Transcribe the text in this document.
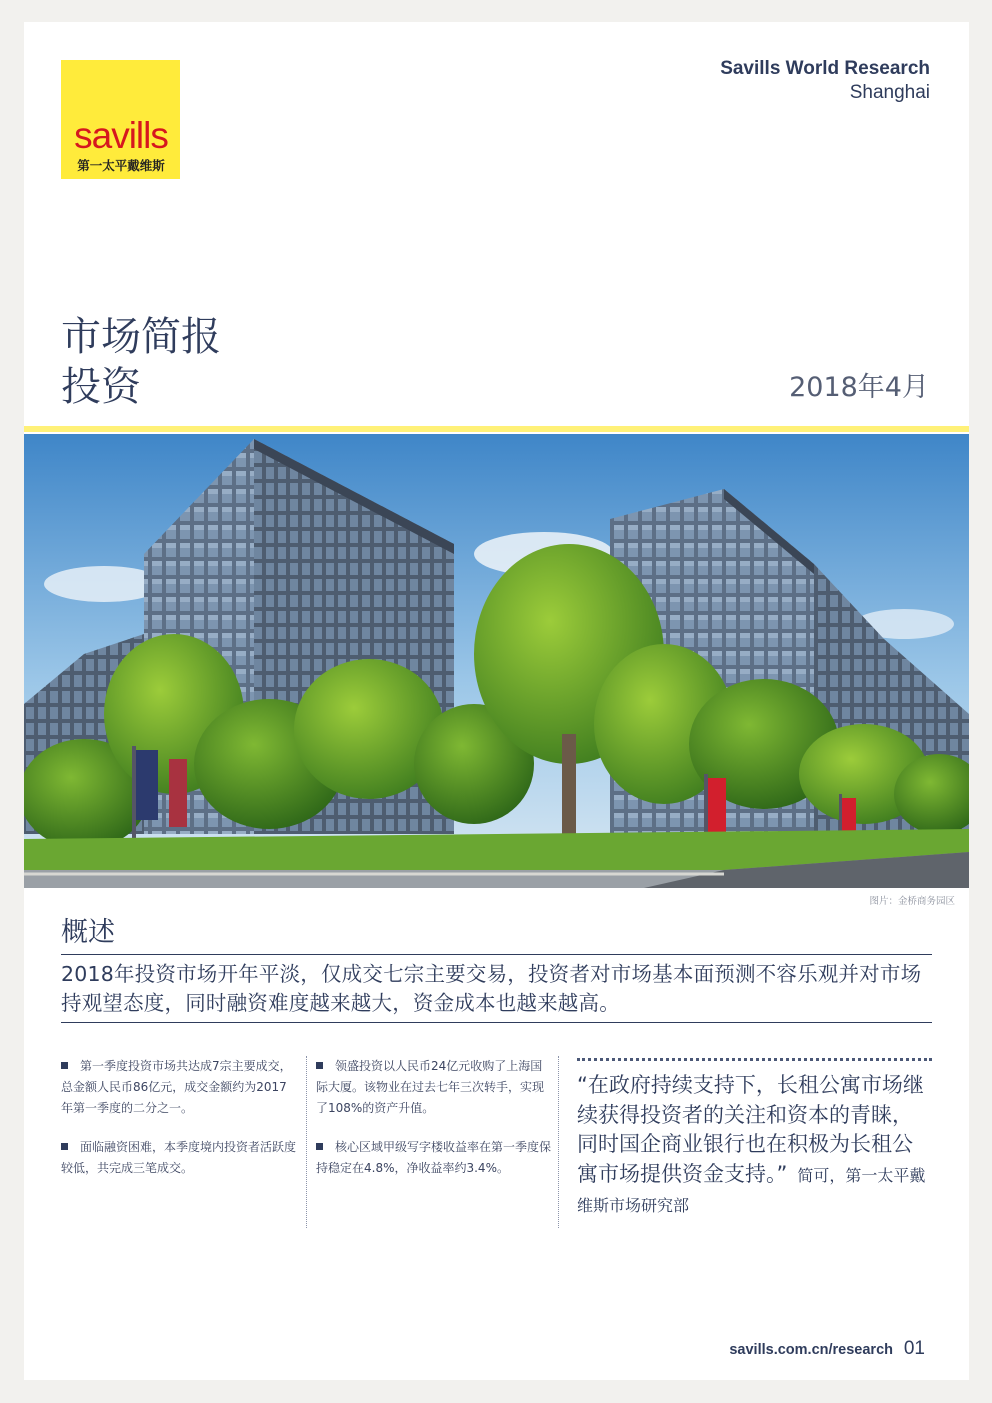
savills
第一太平戴维斯
Savills World Research
Shanghai
市场简报
投资	2018年4月
图片：金桥商务园区
概述
2018年投资市场开年平淡，仅成交七宗主要交易，投资者对市场基本面预测不容乐观并对市场持观望态度，同时融资难度越来越大，资金成本也越来越高。

第一季度投资市场共达成7宗主要成交，总金额人民币86亿元，成交金额约为2017年第一季度的二分之一。

面临融资困难，本季度境内投资者活跃度较低，共完成三笔成交。

领盛投资以人民币24亿元收购了上海国际大厦。该物业在过去七年三次转手，实现了108%的资产升值。

核心区域甲级写字楼收益率在第一季度保持稳定在4.8%，净收益率约3.4%。

“在政府持续支持下，长租公寓市场继续获得投资者的关注和资本的青睐，同时国企商业银行也在积极为长租公寓市场提供资金支持。” 简可，第一太平戴维斯市场研究部
savills.com.cn/research 01
